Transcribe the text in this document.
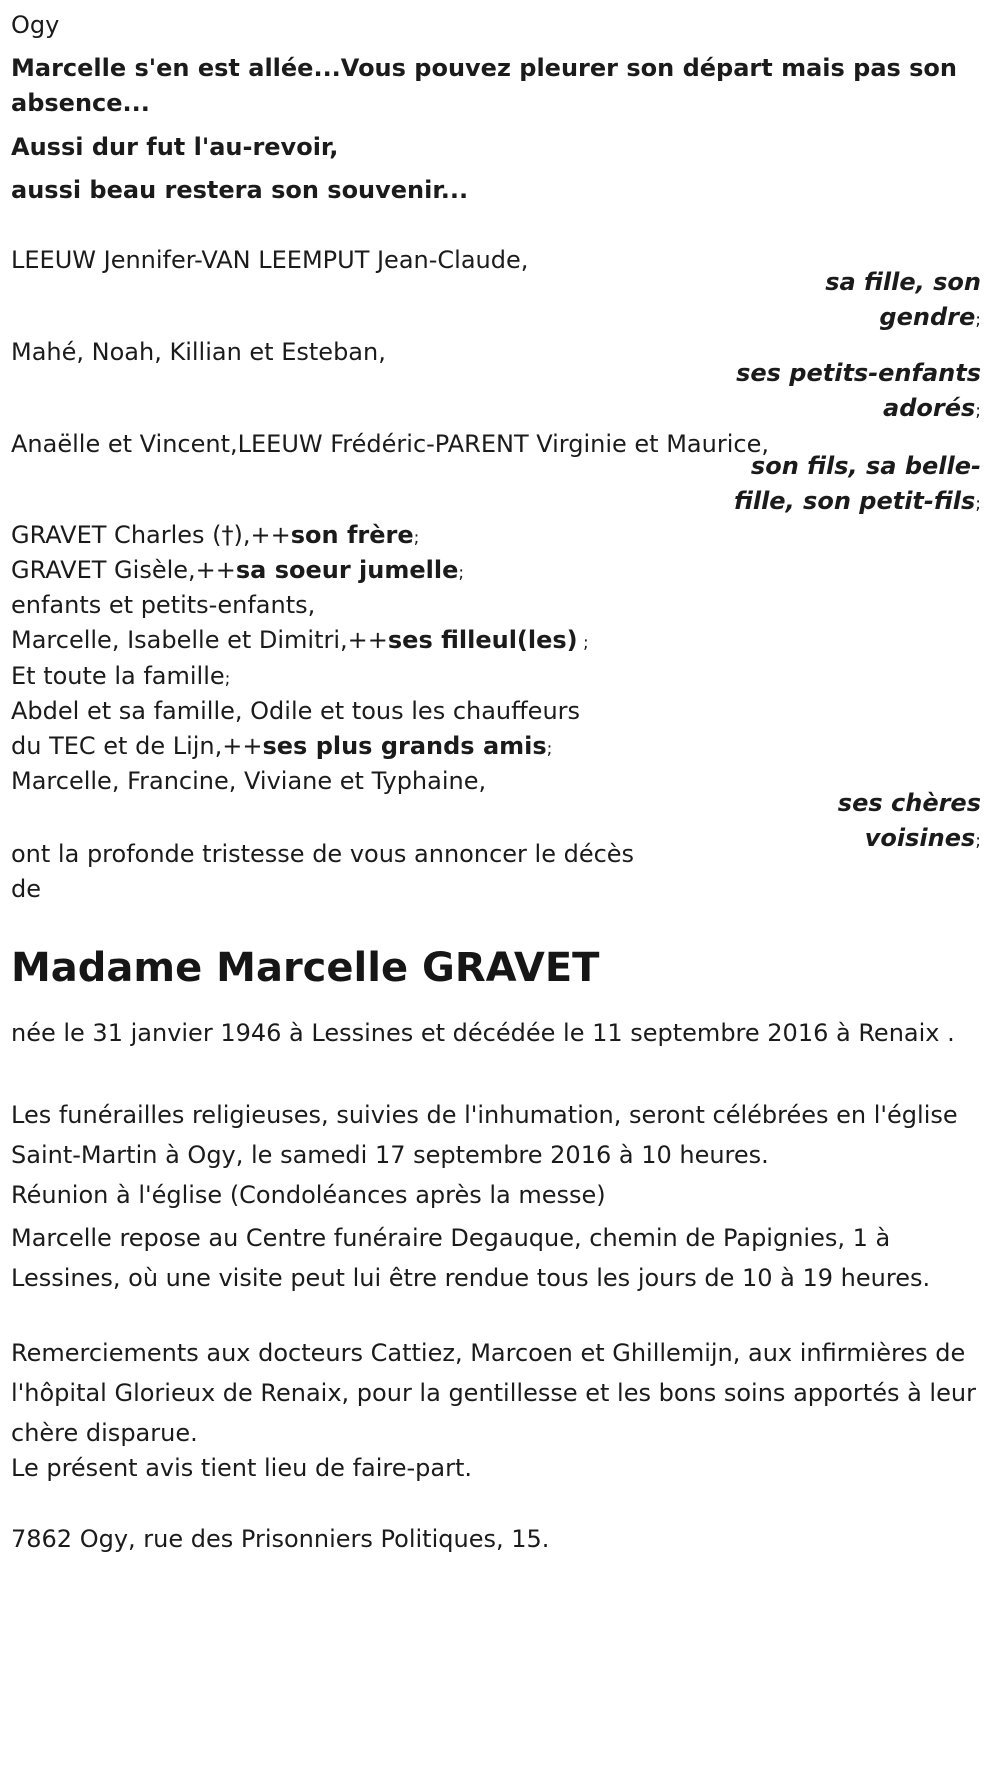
Ogy
Marcelle s'en est allée...Vous pouvez pleurer son départ mais pas son
absence...
Aussi dur fut l'au-revoir,
aussi beau restera son souvenir...
LEEUW Jennifer-VAN LEEMPUT Jean-Claude,
sa fille, son
gendre;
Mahé, Noah, Killian et Esteban,
ses petits-enfants
adorés;
Anaëlle et Vincent,LEEUW Frédéric-PARENT Virginie et Maurice,
son fils, sa belle-
fille, son petit-fils;
GRAVET Charles (†),++son frère;
GRAVET Gisèle,++sa soeur jumelle;
enfants et petits-enfants,
Marcelle, Isabelle et Dimitri,++ses filleul(les) ;
Et toute la famille;
Abdel et sa famille, Odile et tous les chauffeurs
du TEC et de Lijn,++ses plus grands amis;
Marcelle, Francine, Viviane et Typhaine,
ses chères
voisines;
ont la profonde tristesse de vous annoncer le décès
de
Madame Marcelle GRAVET
née le 31 janvier 1946 à Lessines et décédée le 11 septembre 2016 à Renaix .
Les funérailles religieuses, suivies de l'inhumation, seront célébrées en l'église Saint-Martin à Ogy, le samedi 17 septembre 2016 à 10 heures.
Réunion à l'église (Condoléances après la messe)
Marcelle repose au Centre funéraire Degauque, chemin de Papignies, 1 à Lessines, où une visite peut lui être rendue tous les jours de 10 à 19 heures.
Remerciements aux docteurs Cattiez, Marcoen et Ghillemijn, aux infirmières de l'hôpital Glorieux de Renaix, pour la gentillesse et les bons soins apportés à leur chère disparue.
Le présent avis tient lieu de faire-part.
7862 Ogy, rue des Prisonniers Politiques, 15.
